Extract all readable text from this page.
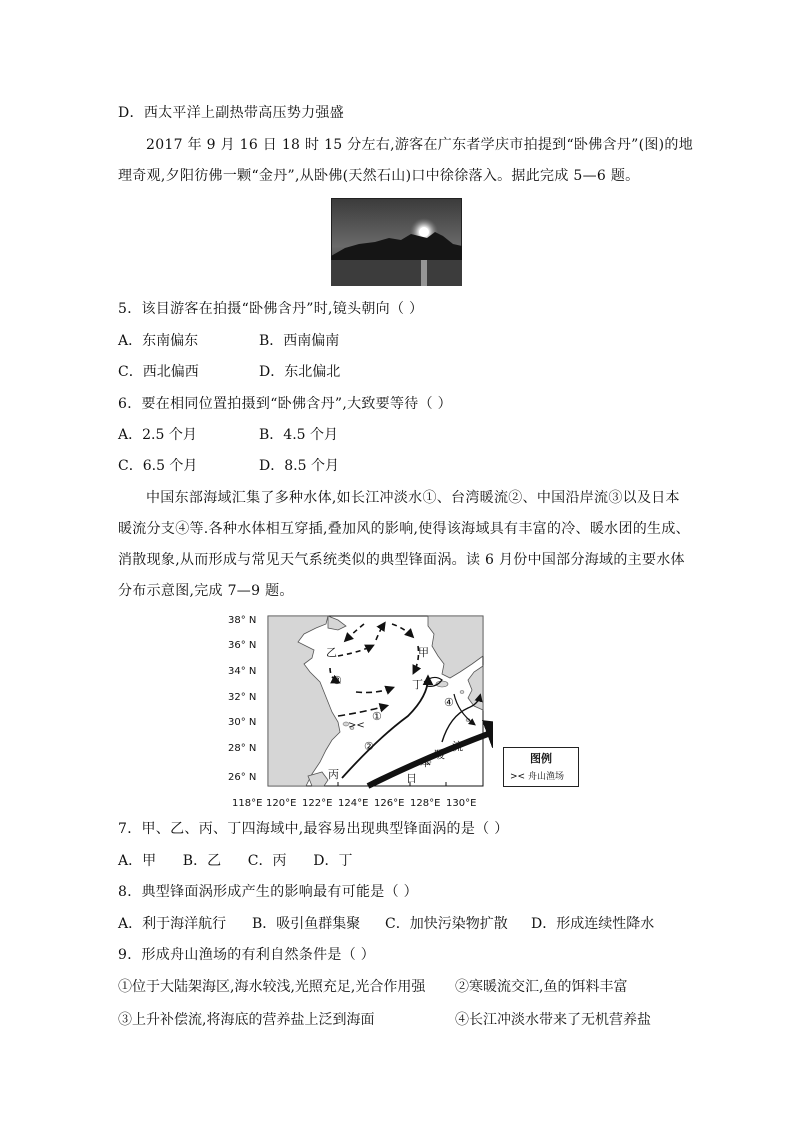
D．西太平洋上副热带高压势力强盛
2017 年 9 月 16 日 18 时 15 分左右,游客在广东者学庆市拍提到“卧佛含丹”(图)的地
理奇观,夕阳彷佛一颗“金丹”,从卧佛(天然石山)口中徐徐落入。据此完成 5—6 题。
5．该目游客在拍摄“卧佛含丹”时,镜头朝向（ ）
A．东南偏东	B．西南偏南
C．西北偏西	D．东北偏北
6．要在相同位置拍摄到“卧佛含丹”,大致要等待（ ）
A．2.5 个月	B．4.5 个月
C．6.5 个月	D．8.5 个月
中国东部海域汇集了多种水体,如长江冲淡水①、台湾暖流②、中国沿岸流③以及日本
暖流分支④等.各种水体相互穿插,叠加风的影响,使得该海域具有丰富的冷、暖水团的生成、
消散现象,从而形成与常见天气系统类似的典型锋面涡。读 6 月份中国部分海域的主要水体
分布示意图,完成 7—9 题。
38° N
36° N
34° N
32° N
30° N
28° N
26° N
><
甲
乙
丙
丁
①
②
③
④
日
本
暖
流
118°E 120°E 122°E 124°E 126°E 128°E 130°E
图例
>< 舟山渔场
7．甲、乙、丙、丁四海域中,最容易出现典型锋面涡的是（ ）
A．甲      B．乙      C．丙      D．丁
8．典型锋面涡形成产生的影响最有可能是（ ）
A．利于海洋航行 B．吸引鱼群集聚 C．加快污染物扩散 D．形成连续性降水
9．形成舟山渔场的有利自然条件是（ ）
①位于大陆架海区,海水较浅,光照充足,光合作用强 ②寒暖流交汇,鱼的饵料丰富
③上升补偿流,将海底的营养盐上泛到海面	④长江冲淡水带来了无机营养盐
